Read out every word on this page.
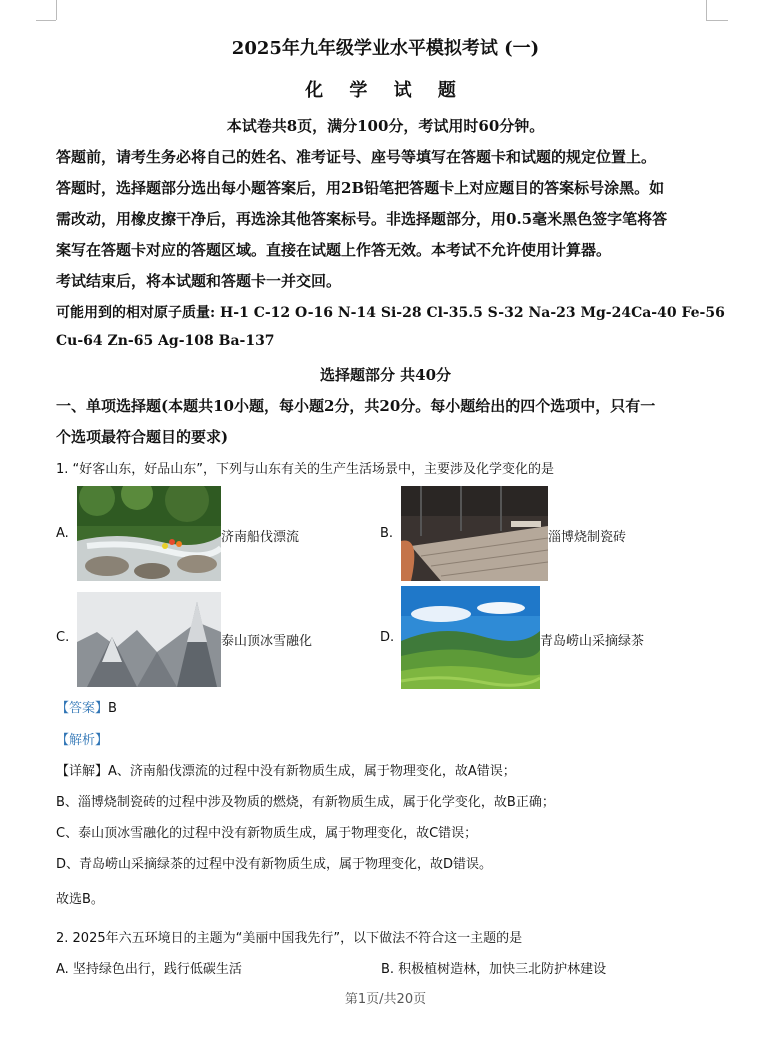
2025年九年级学业水平模拟考试 (一)
化 学 试 题
本试卷共8页，满分100分，考试用时60分钟。
答题前，请考生务必将自己的姓名、准考证号、座号等填写在答题卡和试题的规定位置上。
答题时，选择题部分选出每小题答案后，用2B铅笔把答题卡上对应题目的答案标号涂黑。如
需改动，用橡皮擦干净后，再选涂其他答案标号。非选择题部分，用0.5毫米黑色签字笔将答
案写在答题卡对应的答题区域。直接在试题上作答无效。本考试不允许使用计算器。
考试结束后，将本试题和答题卡一并交回。
可能用到的相对原子质量: H-1 C-12 O-16 N-14 Si-28 Cl-35.5 S-32 Na-23 Mg-24Ca-40 Fe-56
Cu-64 Zn-65 Ag-108 Ba-137
选择题部分 共40分
一、单项选择题(本题共10小题，每小题2分，共20分。每小题给出的四个选项中，只有一
个选项最符合题目的要求)
1. “好客山东，好品山东”，下列与山东有关的生产生活场景中，主要涉及化学变化的是
A.	济南船伐漂流	B.	淄博烧制瓷砖
C.	泰山顶冰雪融化	D.	青岛崂山采摘绿茶
【答案】B
【解析】
【详解】A、济南船伐漂流的过程中没有新物质生成，属于物理变化，故A错误；
B、淄博烧制瓷砖的过程中涉及物质的燃烧，有新物质生成，属于化学变化，故B正确；
C、泰山顶冰雪融化的过程中没有新物质生成，属于物理变化，故C错误；
D、青岛崂山采摘绿茶的过程中没有新物质生成，属于物理变化，故D错误。
故选B。
2. 2025年六五环境日的主题为“美丽中国我先行”，以下做法不符合这一主题的是
A. 坚持绿色出行，践行低碳生活	B. 积极植树造林，加快三北防护林建设
第1页/共20页
